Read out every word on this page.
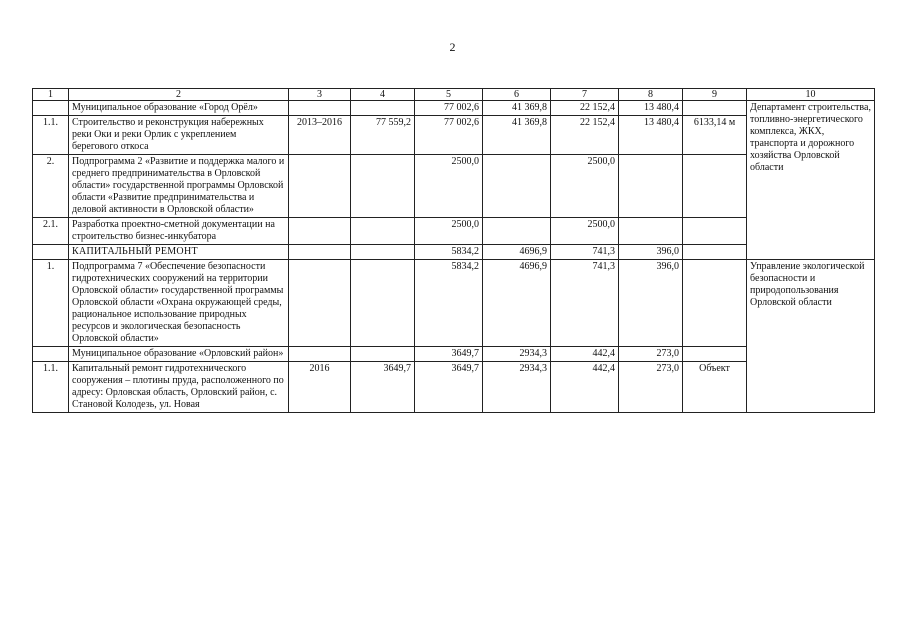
2
1	2	3	4	5	6	7	8	9	10
	Муниципальное образование «Город Орёл»			77 002,6	41 369,8	22 152,4	13 480,4		Департамент строительства, топливно-энергетического комплекса, ЖКХ, транспорта и дорожного хозяйства Орловской области
1.1.	Строительство и реконструкция набережных реки Оки и реки Орлик с укреплением берегового откоса	2013–2016	77 559,2	77 002,6	41 369,8	22 152,4	13 480,4	6133,14 м	
2.	Подпрограмма 2 «Развитие и поддержка малого и среднего предпринимательства в Орловской области» государственной программы Орловской области «Развитие предпринимательства и деловой активности в Орловской области»			2500,0		2500,0			
2.1.	Разработка проектно-сметной документации на строительство бизнес-инкубатора			2500,0		2500,0			
	КАПИТАЛЬНЫЙ РЕМОНТ			5834,2	4696,9	741,3	396,0		
1.	Подпрограмма 7 «Обеспечение безопасности гидротехнических сооружений на территории Орловской области» государственной программы Орловской области «Охрана окружающей среды, рациональное использование природных ресурсов и экологическая безопасность Орловской области»			5834,2	4696,9	741,3	396,0		Управление экологической безопасности и природопользования Орловской области
	Муниципальное образование «Орловский район»			3649,7	2934,3	442,4	273,0		
1.1.	Капитальный ремонт гидротехнического сооружения – плотины пруда, расположенного по адресу: Орловская область, Орловский район, с. Становой Колодезь, ул. Новая	2016	3649,7	3649,7	2934,3	442,4	273,0	Объект	
